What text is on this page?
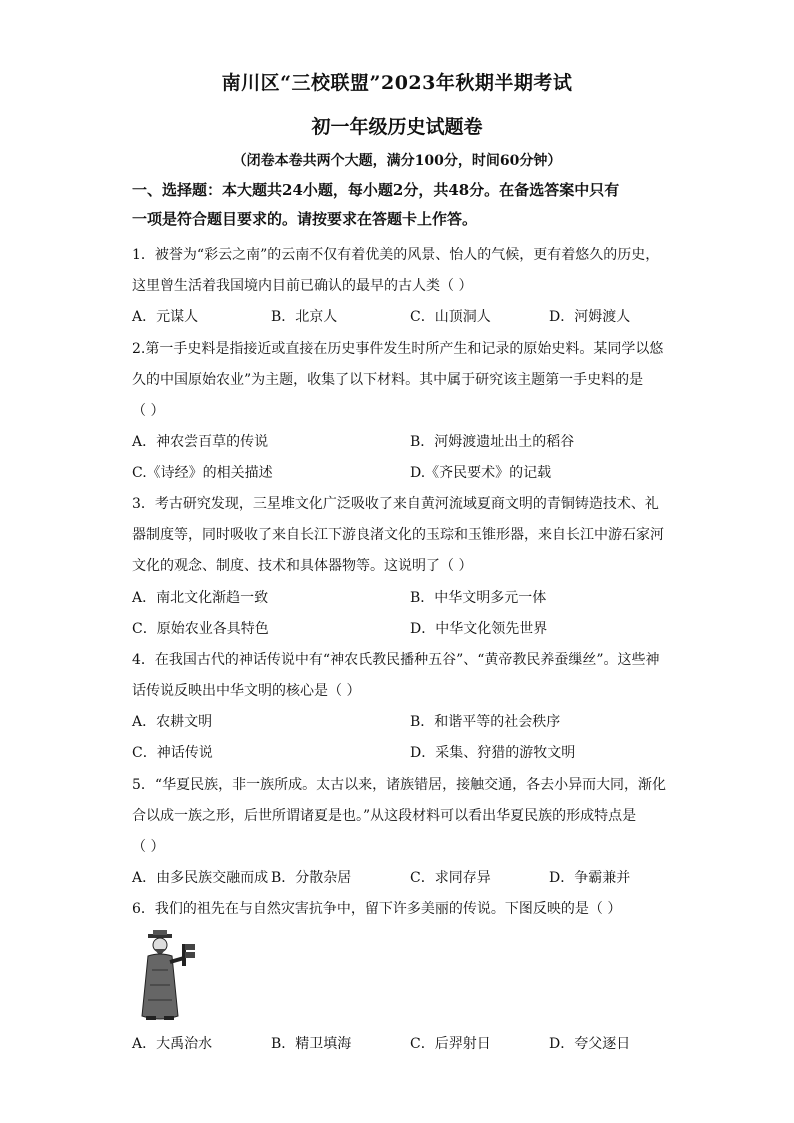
南川区“三校联盟”2023年秋期半期考试
初一年级历史试题卷
（闭卷本卷共两个大题，满分100分，时间60分钟）
一、选择题：本大题共24小题，每小题2分，共48分。在备选答案中只有
一项是符合题目要求的。请按要求在答题卡上作答。
1．被誉为“彩云之南”的云南不仅有着优美的风景、怡人的气候，更有着悠久的历史，
这里曾生活着我国境内目前已确认的最早的古人类（ ）
A．元谋人	B．北京人	C．山顶洞人	D．河姆渡人
2.第一手史料是指接近或直接在历史事件发生时所产生和记录的原始史料。某同学以悠
久的中国原始农业”为主题，收集了以下材料。其中属于研究该主题第一手史料的是
（ ）
A．神农尝百草的传说	B．河姆渡遗址出土的稻谷
C.《诗经》的相关描述	D.《齐民要术》的记载
3．考古研究发现，三星堆文化广泛吸收了来自黄河流域夏商文明的青铜铸造技术、礼
器制度等，同时吸收了来自长江下游良渚文化的玉琮和玉锥形器，来自长江中游石家河
文化的观念、制度、技术和具体器物等。这说明了（ ）
A．南北文化渐趋一致	B．中华文明多元一体
C．原始农业各具特色	D．中华文化领先世界
4．在我国古代的神话传说中有“神农氏教民播种五谷”、“黄帝教民养蚕缫丝”。这些神
话传说反映出中华文明的核心是（ ）
A．农耕文明	B．和谐平等的社会秩序
C．神话传说	D．采集、狩猎的游牧文明
5．“华夏民族，非一族所成。太古以来，诸族错居，接触交通，各去小异而大同，渐化
合以成一族之形，后世所谓诸夏是也。”从这段材料可以看出华夏民族的形成特点是
（ ）
A．由多民族交融而成 B．分散杂居	C．求同存异	D．争霸兼并
6．我们的祖先在与自然灾害抗争中，留下许多美丽的传说。下图反映的是（ ）
A．大禹治水	B．精卫填海	C．后羿射日	D．夸父逐日
